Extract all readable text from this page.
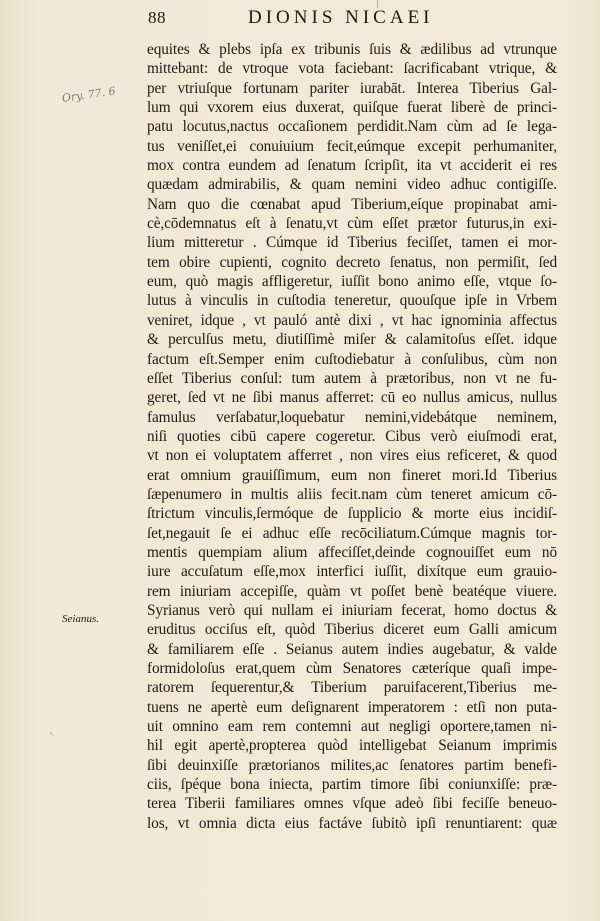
88	DIONIS NICAEI
Ory. 77. 6
Seianus.
⸌
equites & plebs ipſa ex tribunis ſuis & ædilibus ad vtrunque
mittebant: de vtroque vota faciebant: ſacrificabant vtrique, &
per vtriuſque fortunam pariter iurabāt. Interea Tiberius Gal-
lum qui vxorem eius duxerat, quiſque fuerat liberè de princi-
patu locutus,nactus occaſionem perdidit.Nam cùm ad ſe lega-
tus veniſſet,ei conuiuium fecit,eúmque excepit perhumaniter,
mox contra eundem ad ſenatum ſcripſit, ita vt acciderit ei res
quædam admirabilis, & quam nemini video adhuc contigiſſe.
Nam quo die cœnabat apud Tiberium,eíque propinabat ami-
cè,cōdemnatus eſt à ſenatu,vt cùm eſſet prætor futurus,in exi-
lium mitteretur . Cúmque id Tiberius feciſſet, tamen ei mor-
tem obire cupienti, cognito decreto ſenatus, non permiſit, ſed
eum, quò magis affligeretur, iuſſit bono animo eſſe, vtque ſo-
lutus à vinculis in cuſtodia teneretur, quouſque ipſe in Vrbem
veniret, idque , vt pauló antè dixi , vt hac ignominia affectus
& perculſus metu, diutiſſimè miſer & calamitoſus eſſet. idque
factum eſt.Semper enim cuſtodiebatur à conſulibus, cùm non
eſſet Tiberius conſul: tum autem à prætoribus, non vt ne fu-
geret, ſed vt ne ſibi manus afferret: cū eo nullus amicus, nullus
famulus verſabatur,loquebatur nemini,videbátque neminem,
niſi quoties cibū capere cogeretur. Cibus verò eiuſmodi erat,
vt non ei voluptatem afferret , non vires eius reficeret, & quod
erat omnium grauiſſimum, eum non fineret mori.Id Tiberius
ſæpenumero in multis aliis fecit.nam cùm teneret amicum cō-
ſtrictum vinculis,ſermóque de ſupplicio & morte eius incidiſ-
ſet,negauit ſe ei adhuc eſſe recōciliatum.Cúmque magnis tor-
mentis quempiam alium affeciſſet,deinde cognouiſſet eum nō
iure accuſatum eſſe,mox interfici iuſſit, dixítque eum grauio-
rem iniuriam accepiſſe, quàm vt poſſet benè beatéque viuere.
Syrianus verò qui nullam ei iniuriam fecerat, homo doctus &
eruditus occiſus eſt, quòd Tiberius diceret eum Galli amicum
& familiarem eſſe . Seianus autem indies augebatur, & valde
formidoloſus erat,quem cùm Senatores cæteríque quaſi impe-
ratorem ſequerentur,& Tiberium paruifacerent,Tiberius me-
tuens ne apertè eum deſignarent imperatorem : etſi non puta-
uit omnino eam rem contemni aut negligi oportere,tamen ni-
hil egit apertè,propterea quòd intelligebat Seianum imprimis
ſibi deuinxiſſe prætorianos milites,ac ſenatores partim benefi-
ciis, ſpéque bona iniecta, partim timore ſibi coniunxiſſe: præ-
terea Tiberii familiares omnes vſque adeò ſibi feciſſe beneuo-
los, vt omnia dicta eius factáve ſubitò ipſi renuntiarent: quæ
